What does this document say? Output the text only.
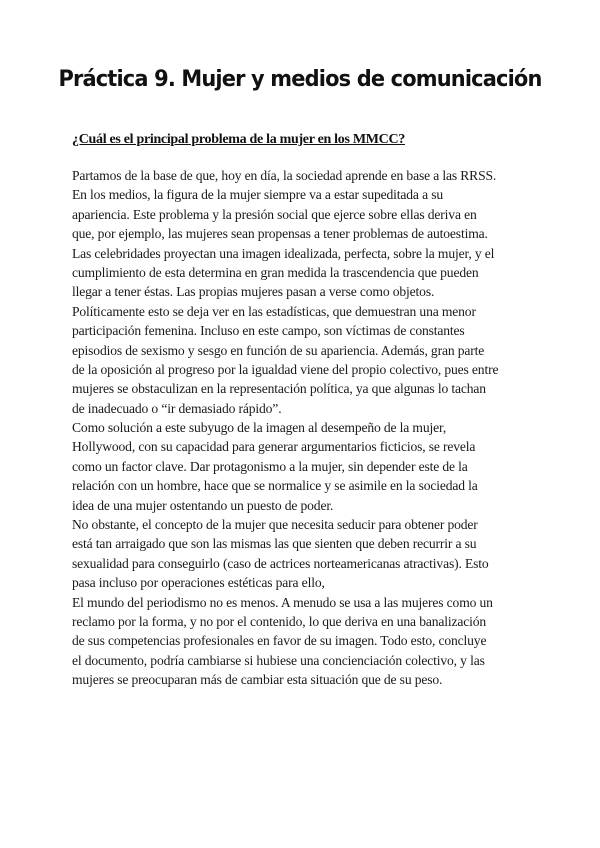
Práctica 9. Mujer y medios de comunicación
¿Cuál es el principal problema de la mujer en los MMCC?
Partamos de la base de que, hoy en día, la sociedad aprende en base a las RRSS.
En los medios, la figura de la mujer siempre va a estar supeditada a su
apariencia. Este problema y la presión social que ejerce sobre ellas deriva en
que, por ejemplo, las mujeres sean propensas a tener problemas de autoestima.
Las celebridades proyectan una imagen idealizada, perfecta, sobre la mujer, y el
cumplimiento de esta determina en gran medida la trascendencia que pueden
llegar a tener éstas. Las propias mujeres pasan a verse como objetos.
Políticamente esto se deja ver en las estadísticas, que demuestran una menor
participación femenina. Incluso en este campo, son víctimas de constantes
episodios de sexismo y sesgo en función de su apariencia. Además, gran parte
de la oposición al progreso por la igualdad viene del propio colectivo, pues entre
mujeres se obstaculizan en la representación política, ya que algunas lo tachan
de inadecuado o “ir demasiado rápido”.
Como solución a este subyugo de la imagen al desempeño de la mujer,
Hollywood, con su capacidad para generar argumentarios ficticios, se revela
como un factor clave. Dar protagonismo a la mujer, sin depender este de la
relación con un hombre, hace que se normalice y se asimile en la sociedad la
idea de una mujer ostentando un puesto de poder.
No obstante, el concepto de la mujer que necesita seducir para obtener poder
está tan arraigado que son las mismas las que sienten que deben recurrir a su
sexualidad para conseguirlo (caso de actrices norteamericanas atractivas). Esto
pasa incluso por operaciones estéticas para ello,
El mundo del periodismo no es menos. A menudo se usa a las mujeres como un
reclamo por la forma, y no por el contenido, lo que deriva en una banalización
de sus competencias profesionales en favor de su imagen. Todo esto, concluye
el documento, podría cambiarse si hubiese una concienciación colectivo, y las
mujeres se preocuparan más de cambiar esta situación que de su peso.
